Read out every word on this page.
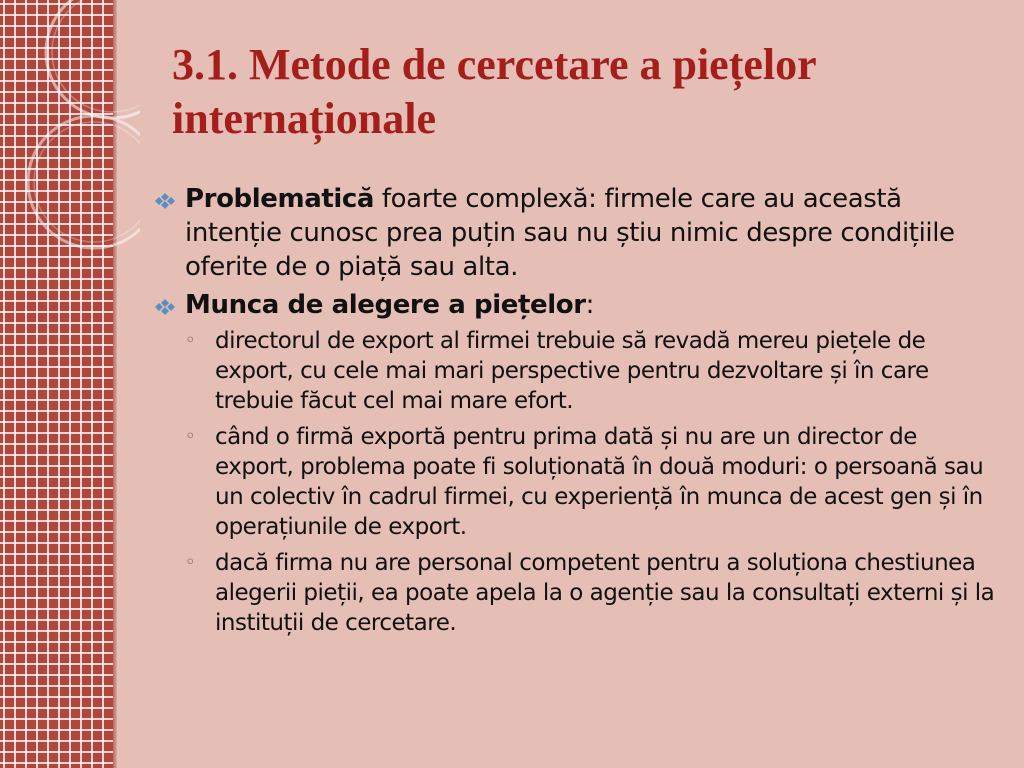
3.1. Metode de cercetare a piețelor
internaționale
Problematică foarte complexă: firmele care au această intenție cunosc prea puțin sau nu știu nimic despre condițiile oferite de o piață sau alta.
Munca de alegere a piețelor:
◦ directorul de export al firmei trebuie să revadă mereu piețele de export, cu cele mai mari perspective pentru dezvoltare și în care trebuie făcut cel mai mare efort.
◦ când o firmă exportă pentru prima dată și nu are un director de export, problema poate fi soluționată în două moduri: o persoană sau un colectiv în cadrul firmei, cu experiență în munca de acest gen și în operațiunile de export.
◦ dacă firma nu are personal competent pentru a soluționa chestiunea alegerii pieții, ea poate apela la o agenție sau la consultați externi și la instituții de cercetare.
